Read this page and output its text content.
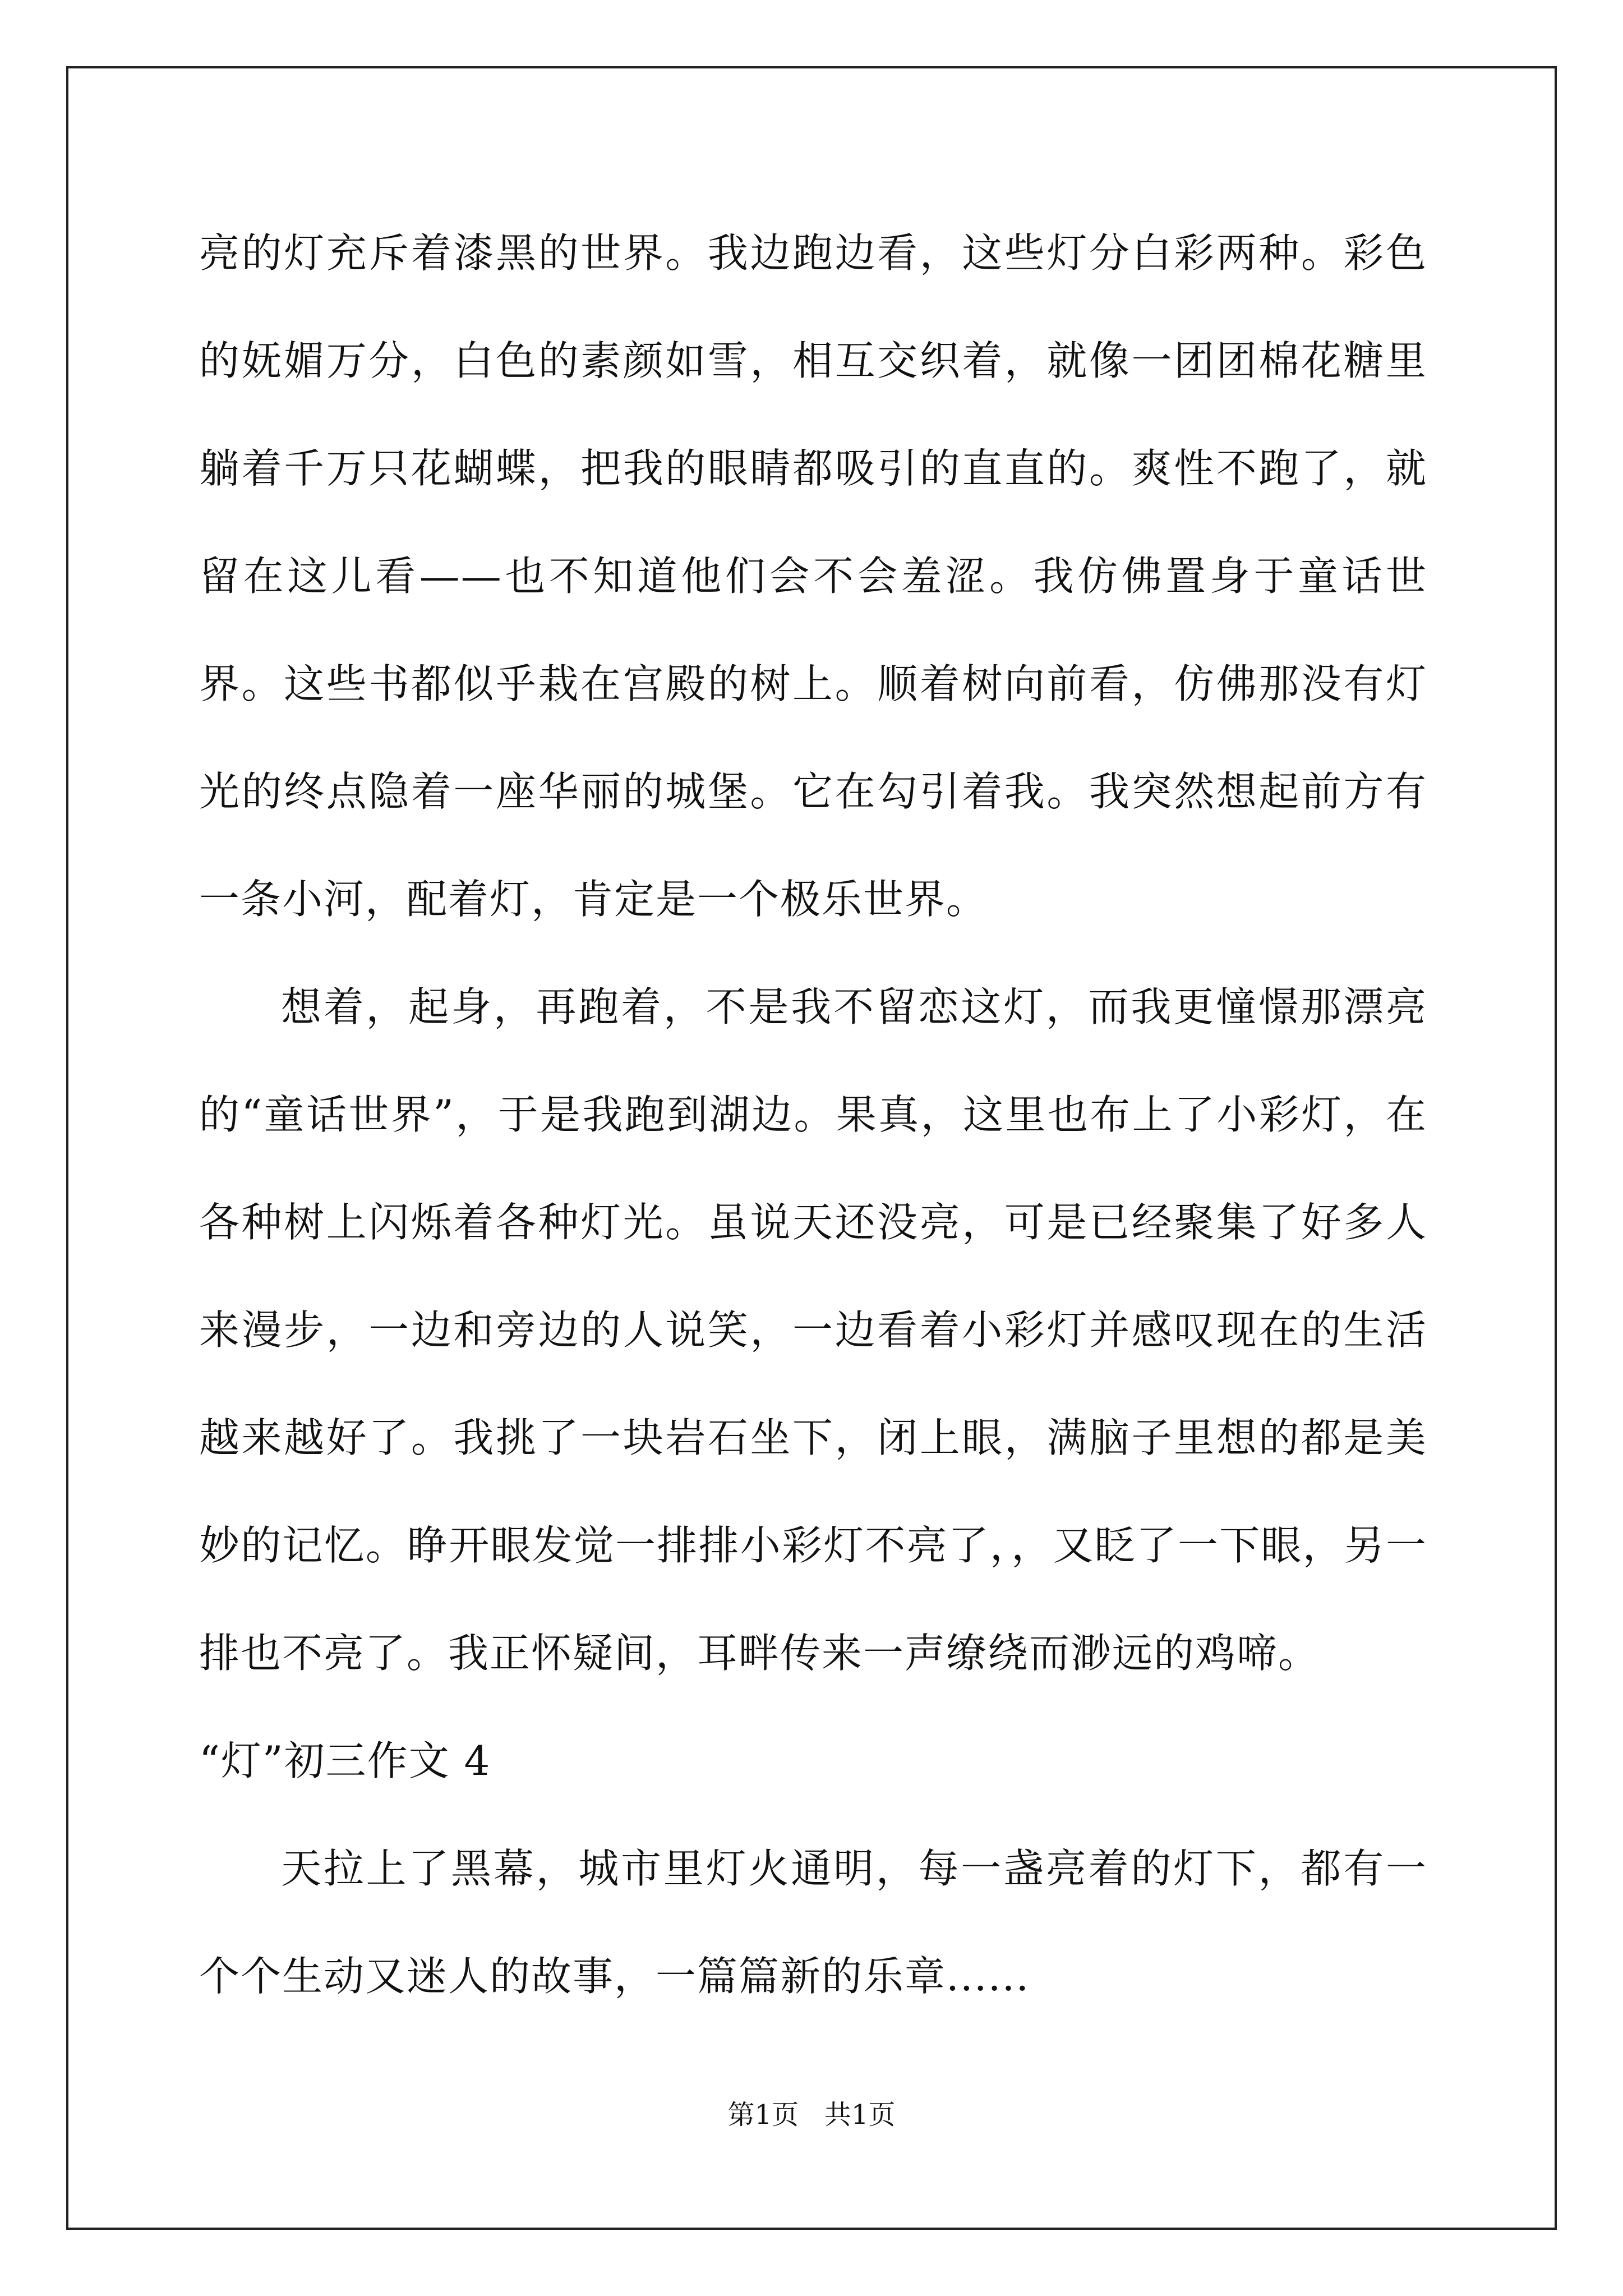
亮的灯充斥着漆黑的世界。我边跑边看，这些灯分白彩两种。彩色的妩媚万分，白色的素颜如雪，相互交织着，就像一团团棉花糖里躺着千万只花蝴蝶，把我的眼睛都吸引的直直的。爽性不跑了，就留在这儿看——也不知道他们会不会羞涩。我仿佛置身于童话世界。这些书都似乎栽在宫殿的树上。顺着树向前看，仿佛那没有灯光的终点隐着一座华丽的城堡。它在勾引着我。我突然想起前方有一条小河，配着灯，肯定是一个极乐世界。

想着，起身，再跑着，不是我不留恋这灯，而我更憧憬那漂亮的“童话世界”，于是我跑到湖边。果真，这里也布上了小彩灯，在各种树上闪烁着各种灯光。虽说天还没亮，可是已经聚集了好多人来漫步，一边和旁边的人说笑，一边看着小彩灯并感叹现在的生活越来越好了。我挑了一块岩石坐下，闭上眼，满脑子里想的都是美妙的记忆。睁开眼发觉一排排小彩灯不亮了，，又眨了一下眼，另一排也不亮了。我正怀疑间，耳畔传来一声缭绕而渺远的鸡啼。

“灯”初三作文 4

天拉上了黑幕，城市里灯火通明，每一盏亮着的灯下，都有一个个生动又迷人的故事，一篇篇新的乐章......

第1页   共1页
